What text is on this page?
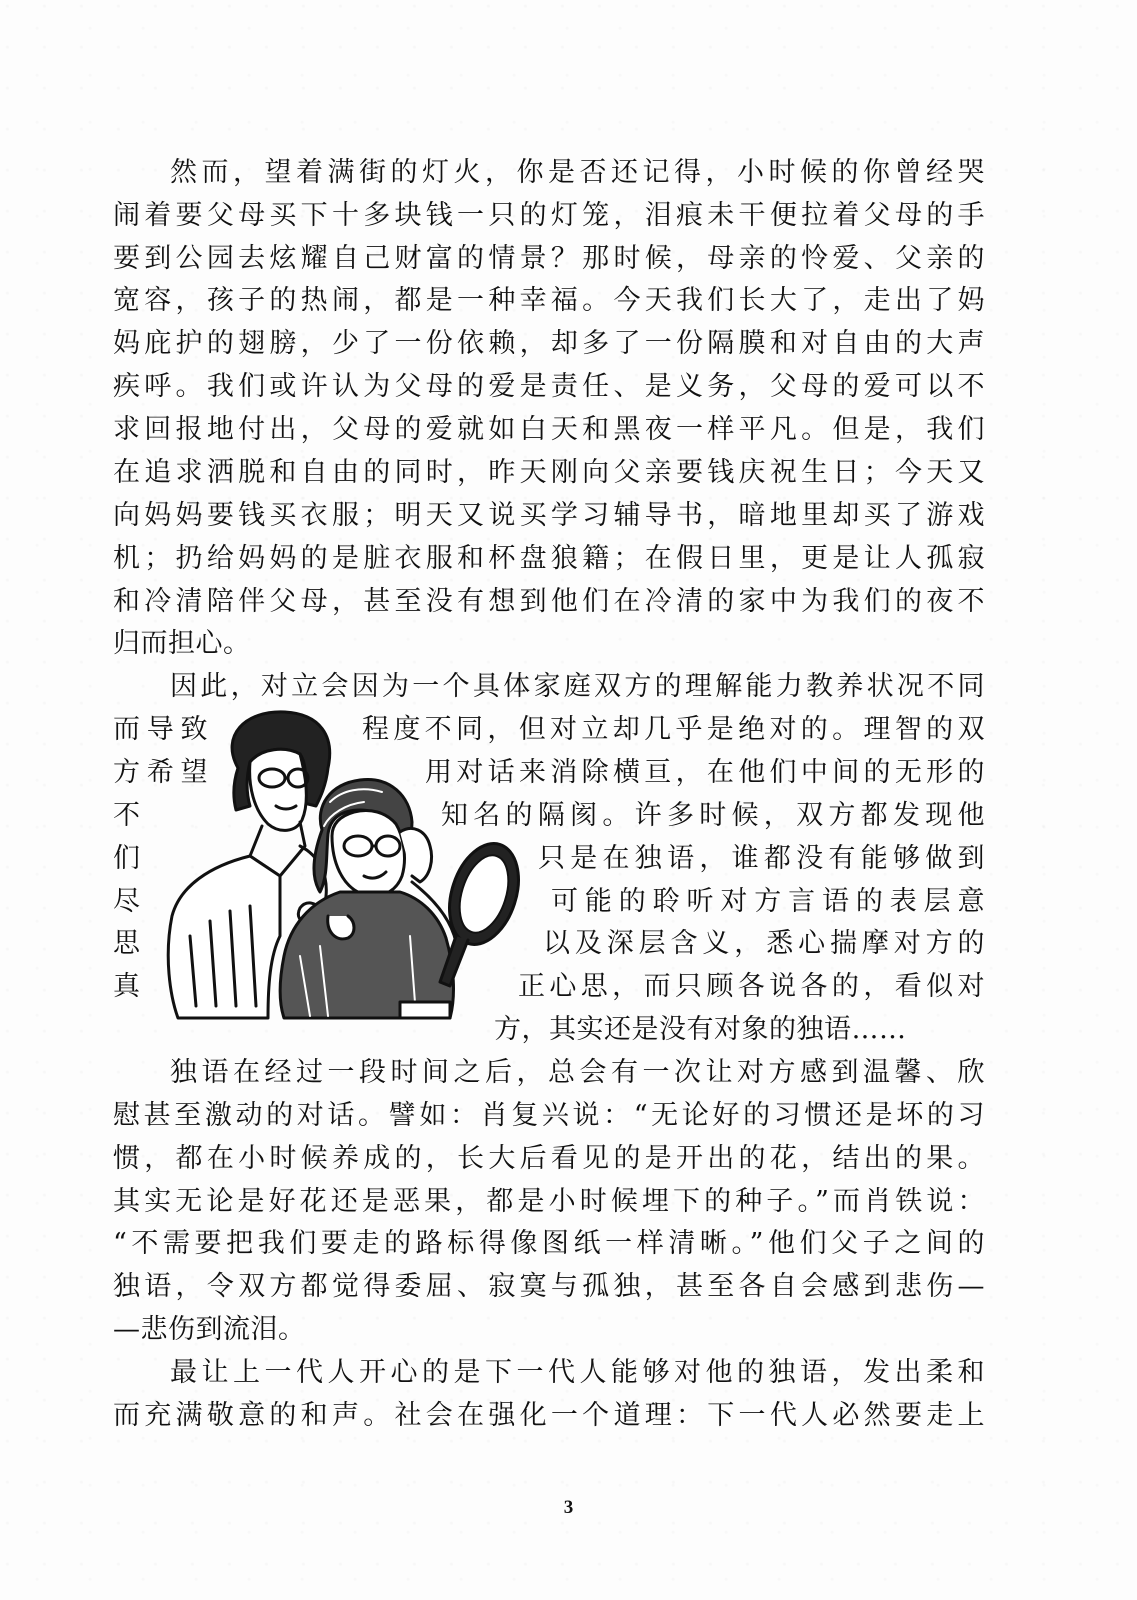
然而，望着满街的灯火，你是否还记得，小时候的你曾经哭
闹着要父母买下十多块钱一只的灯笼，泪痕未干便拉着父母的手
要到公园去炫耀自己财富的情景？那时候，母亲的怜爱、父亲的
宽容，孩子的热闹，都是一种幸福。今天我们长大了，走出了妈
妈庇护的翅膀，少了一份依赖，却多了一份隔膜和对自由的大声
疾呼。我们或许认为父母的爱是责任、是义务，父母的爱可以不
求回报地付出，父母的爱就如白天和黑夜一样平凡。但是，我们
在追求洒脱和自由的同时，昨天刚向父亲要钱庆祝生日；今天又
向妈妈要钱买衣服；明天又说买学习辅导书，暗地里却买了游戏
机；扔给妈妈的是脏衣服和杯盘狼籍；在假日里，更是让人孤寂
和冷清陪伴父母，甚至没有想到他们在冷清的家中为我们的夜不
归而担心。
因此，对立会因为一个具体家庭双方的理解能力教养状况不同
而导致	程度不同，但对立却几乎是绝对的。理智的双
方希望	用对话来消除横亘，在他们中间的无形的
不	知名的隔阂。许多时候，双方都发现他
们	只是在独语，谁都没有能够做到
尽	可能的聆听对方言语的表层意
思	以及深层含义，悉心揣摩对方的
真	正心思，而只顾各说各的，看似对
方，其实还是没有对象的独语……
独语在经过一段时间之后，总会有一次让对方感到温馨、欣
慰甚至激动的对话。譬如：肖复兴说：“无论好的习惯还是坏的习
惯，都在小时候养成的，长大后看见的是开出的花，结出的果。
其实无论是好花还是恶果，都是小时候埋下的种子。”而肖铁说：
“不需要把我们要走的路标得像图纸一样清晰。”他们父子之间的
独语，令双方都觉得委屈、寂寞与孤独，甚至各自会感到悲伤—
—悲伤到流泪。
最让上一代人开心的是下一代人能够对他的独语，发出柔和
而充满敬意的和声。社会在强化一个道理：下一代人必然要走上
3
